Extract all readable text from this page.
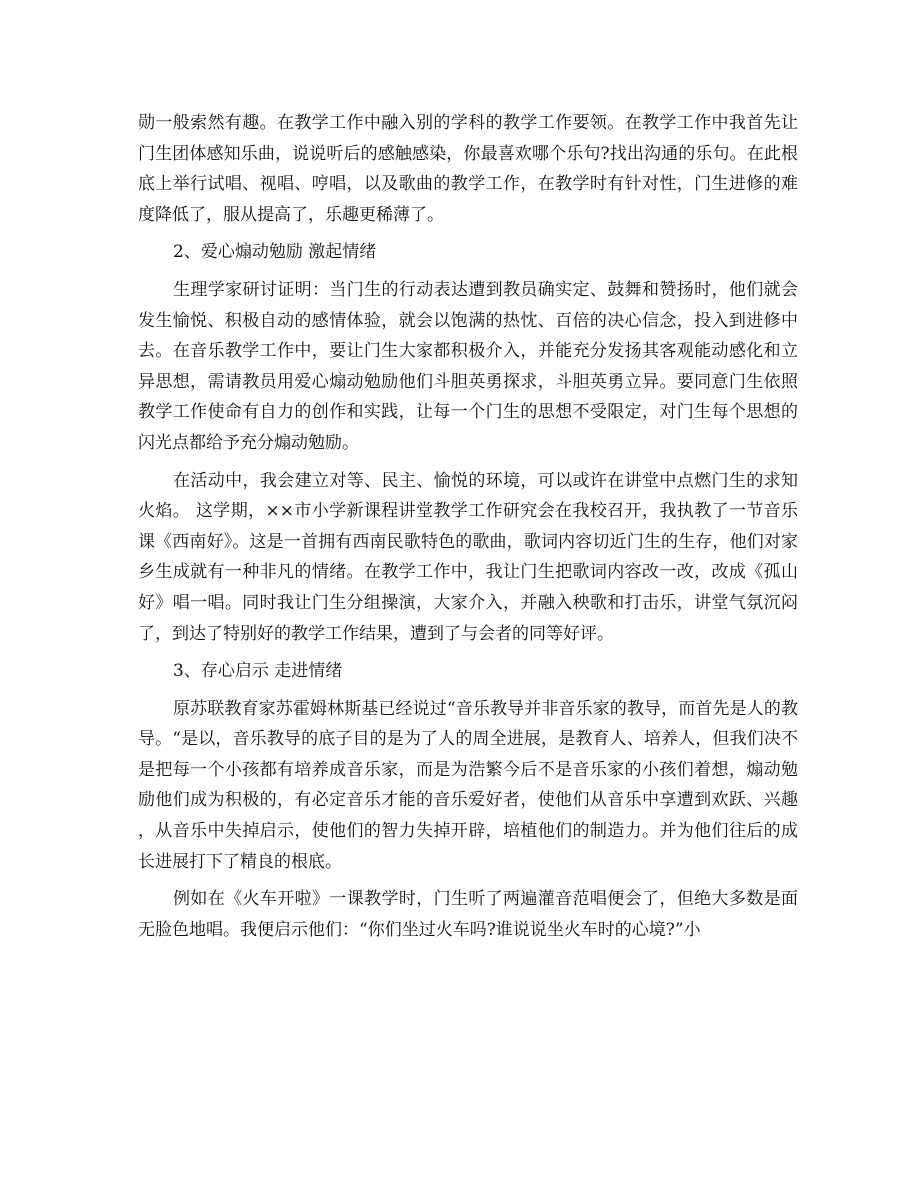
勋一般索然有趣。在教学工作中融入别的学科的教学工作要领。在教学工作中我首先让门生团体感知乐曲，说说听后的感触感染，你最喜欢哪个乐句?找出沟通的乐句。在此根底上举行试唱、视唱、哼唱，以及歌曲的教学工作，在教学时有针对性，门生进修的难度降低了，服从提高了，乐趣更稀薄了。

2、爱心煽动勉励 激起情绪

生理学家研讨证明：当门生的行动表达遭到教员确实定、鼓舞和赞扬时，他们就会发生愉悦、积极自动的感情体验，就会以饱满的热忱、百倍的决心信念，投入到进修中去。在音乐教学工作中，要让门生大家都积极介入，并能充分发扬其客观能动感化和立异思想，需请教员用爱心煽动勉励他们斗胆英勇探求，斗胆英勇立异。要同意门生依照教学工作使命有自力的创作和实践，让每一个门生的思想不受限定，对门生每个思想的闪光点都给予充分煽动勉励。

在活动中，我会建立对等、民主、愉悦的环境，可以或许在讲堂中点燃门生的求知火焰。 这学期，××市小学新课程讲堂教学工作研究会在我校召开，我执教了一节音乐课《西南好》。这是一首拥有西南民歌特色的歌曲，歌词内容切近门生的生存，他们对家乡生成就有一种非凡的情绪。在教学工作中，我让门生把歌词内容改一改，改成《孤山好》唱一唱。同时我让门生分组操演，大家介入，并融入秧歌和打击乐，讲堂气氛沉闷了，到达了特别好的教学工作结果，遭到了与会者的同等好评。

3、存心启示 走进情绪

原苏联教育家苏霍姆林斯基已经说过“音乐教导并非音乐家的教导，而首先是人的教导。“是以，音乐教导的底子目的是为了人的周全进展，是教育人、培养人，但我们决不是把每一个小孩都有培养成音乐家，而是为浩繁今后不是音乐家的小孩们着想，煽动勉励他们成为积极的，有必定音乐才能的音乐爱好者，使他们从音乐中享遭到欢跃、兴趣，从音乐中失掉启示，使他们的智力失掉开辟，培植他们的制造力。并为他们往后的成长进展打下了精良的根底。

例如在《火车开啦》一课教学时，门生听了两遍灌音范唱便会了，但绝大多数是面无脸色地唱。我便启示他们：“你们坐过火车吗?谁说说坐火车时的心境?”小
